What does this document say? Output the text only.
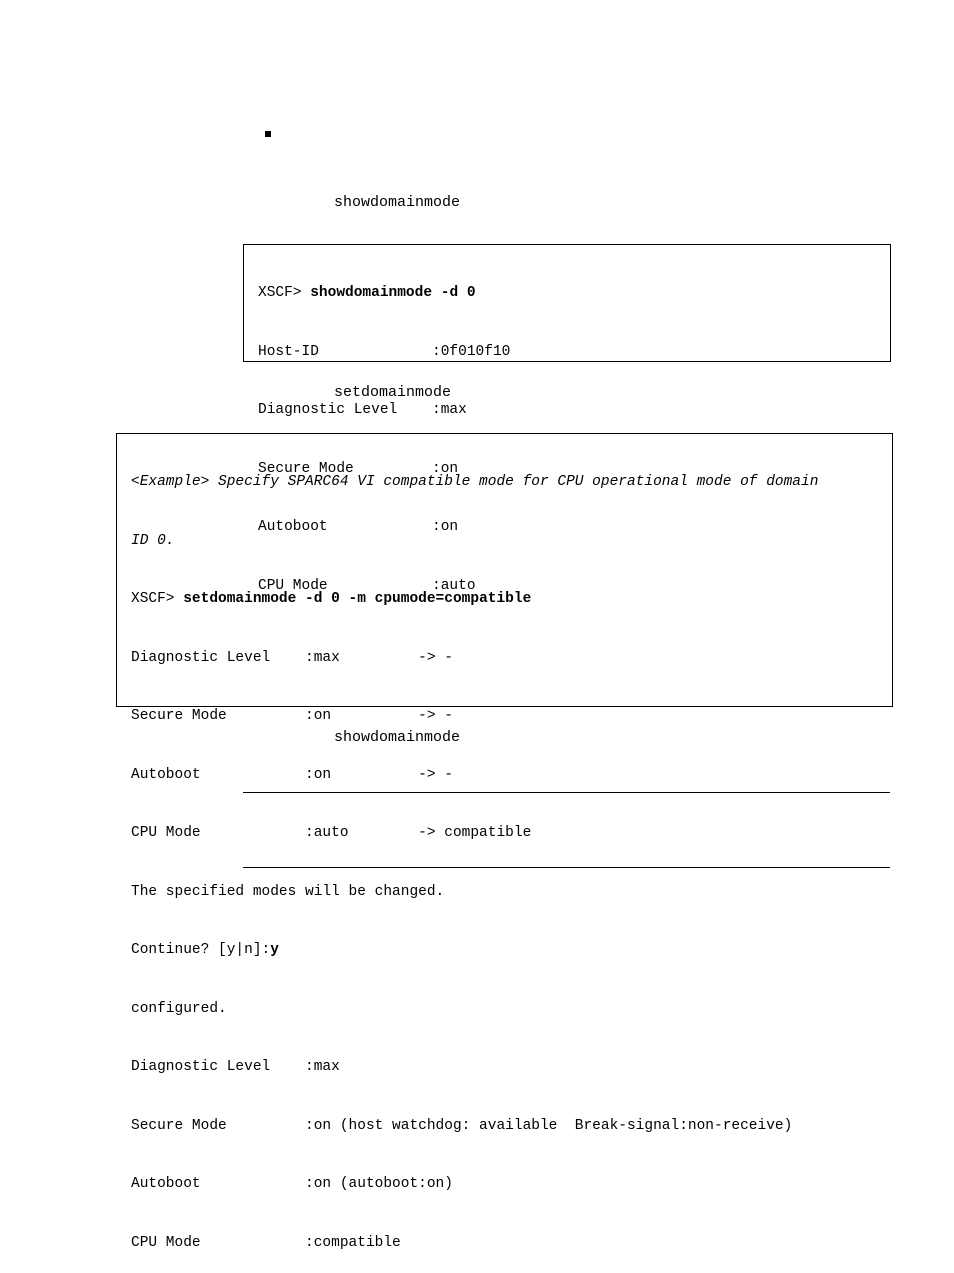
showdomainmode

XSCF> showdomainmode -d 0

Host-ID             :0f010f10

Diagnostic Level    :max

Secure Mode         :on

Autoboot            :on

CPU Mode            :auto

setdomainmode

<Example> Specify SPARC64 VI compatible mode for CPU operational mode of domain

ID 0.

XSCF> setdomainmode -d 0 -m cpumode=compatible

Diagnostic Level    :max         -> -

Secure Mode         :on          -> -

Autoboot            :on          -> -

CPU Mode            :auto        -> compatible

The specified modes will be changed.

Continue? [y|n]:y

configured.

Diagnostic Level    :max

Secure Mode         :on (host watchdog: available  Break-signal:non-receive)

Autoboot            :on (autoboot:on)

CPU Mode            :compatible

showdomainmode
